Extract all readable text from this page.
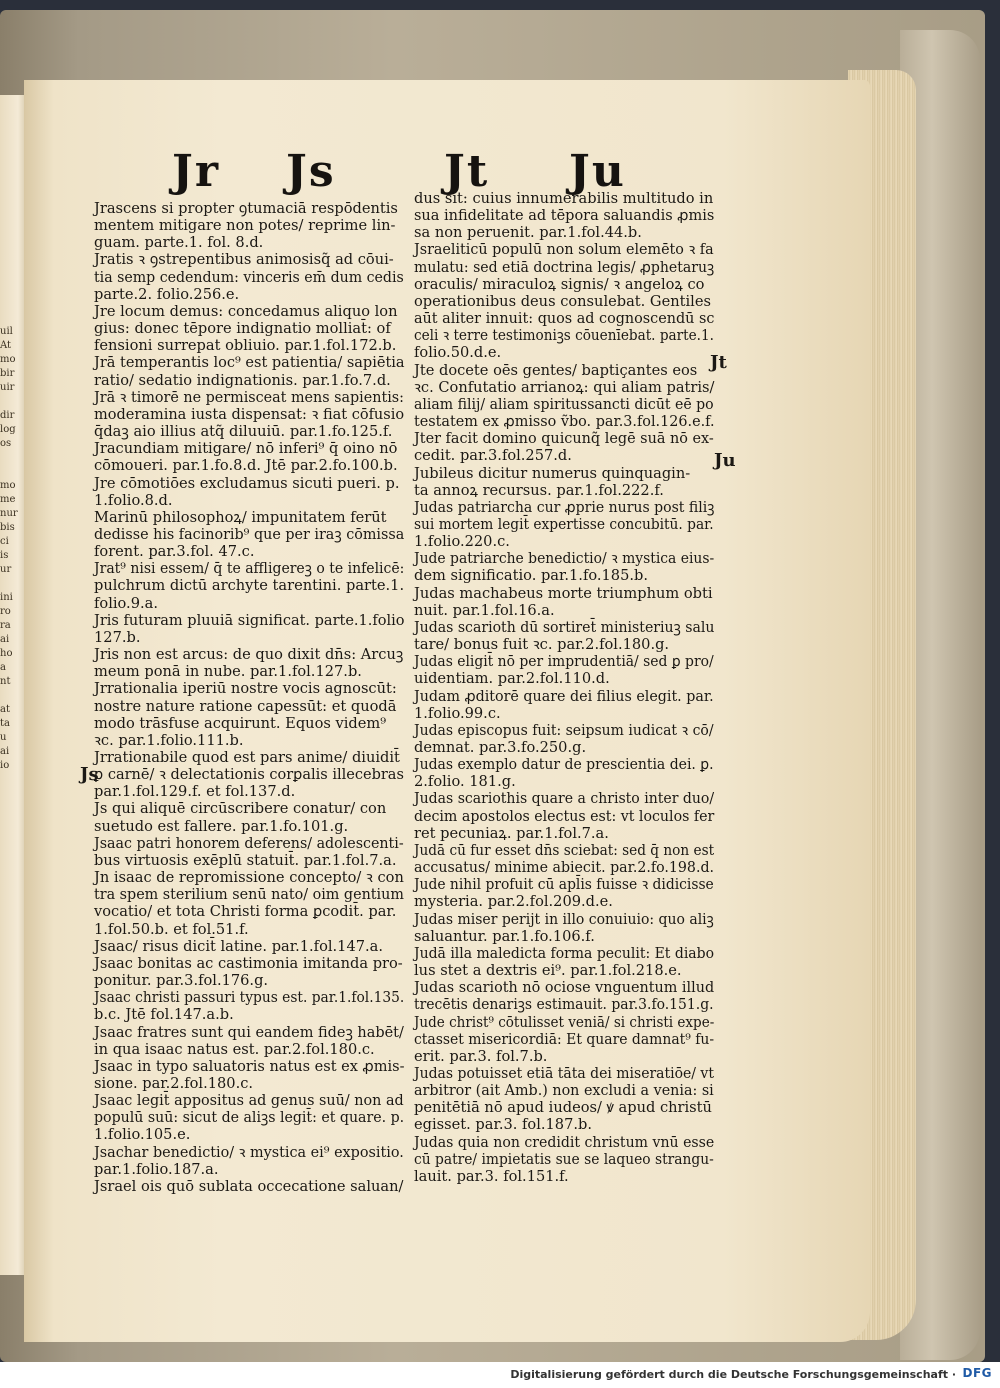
uil
At
mo
bir
uir

dir
log
os

mo
me
nur
bis
ci
is
ur

ini
ro
ra
ai
ho
a
nt

at
ta
u
ai
io
Jr Js Jt Ju
Jrascens si propter ꝯtumaciā respōdentis
mentem mitigare non potes/ reprime lin-
guam. parte.1. fol. 8.d.
Jratis ꝛ ꝯstrepentibus animosisq̃ ad cōui-
tia semp cedendum: vinceris em̄ dum cedis
parte.2. folio.256.e.
Jre locum demus: concedamus aliquo lon
gius: donec tēpore indignatio molliat̄: of
fensioni surrepat obliuio. par.1.fol.172.b.
Jrā temperantis loc⁹ est patientia/ sapiētia
ratio/ sedatio indignationis. par.1.fo.7.d.
Jrā ꝛ timorē ne permisceat mens sapientis:
moderamina iusta dispensat: ꝛ fiat cōfusio
q̄daꝫ aio illius atq̃ diluuiū. par.1.fo.125.f.
Jracundiam mitigare/ nō inferi⁹ q̄ oino nō
cōmoueri. par.1.fo.8.d. Jtē par.2.fo.100.b.
Jre cōmotiōes excludamus sicuti pueri. p.
1.folio.8.d.
Marinū philosophoꝝ/ impunitatem ferūt
dedisse his facinorib⁹ que per iraꝫ cōmissa
forent. par.3.fol. 47.c.
Jrat⁹ nisi essem/ q̄ te affligereꝫ o te infelicē:
pulchrum dictū archyte tarentini. parte.1.
folio.9.a.
Jris futuram pluuiā significat. parte.1.folio
127.b.
Jris non est arcus: de quo dixit dn̄s: Arcuꝫ
meum ponā in nube. par.1.fol.127.b.
Jrrationalia iperiū nostre vocis agnoscūt:
nostre nature ratione capessūt: et quodā
modo trāsfuse acquirunt. Equos videm⁹
ꝛc. par.1.folio.111.b.
Jrrationabile quod est pars anime/ diuidit̄
ꝑ carnē/ ꝛ delectationis corꝑalis illecebras
par.1.fol.129.f. et fol.137.d.
Js qui aliquē circūscribere conatur/ con
suetudo est fallere. par.1.fo.101.g.
Jsaac patri honorem deferens/ adolescenti-
bus virtuosis exēplū statuit̄. par.1.fol.7.a.
Jn isaac de repromissione concepto/ ꝛ con
tra spem sterilium senū nato/ oim gentium
vocatio/ et tota Christi forma ꝑcodit̄. par.
1.fol.50.b. et fol.51.f.
Jsaac/ risus dicit̄ latine. par.1.fol.147.a.
Jsaac bonitas ac castimonia imitanda pro-
ponitur. par.3.fol.176.g.
Jsaac christi passuri typus est. par.1.fol.135.
b.c. Jtē fol.147.a.b.
Jsaac fratres sunt qui eandem fideꝫ habēt/
in qua isaac natus est. par.2.fol.180.c.
Jsaac in typo saluatoris natus est ex ꝓmis-
sione. par.2.fol.180.c.
Jsaac legit̄ appositus ad genus suū/ non ad
populū suū: sicut de aliꝫs legit̄: et quare. p.
1.folio.105.e.
Jsachar benedictio/ ꝛ mystica ei⁹ expositio.
par.1.folio.187.a.
Jsrael ois quō sublata occecatione saluan/
dus sit: cuius innumerabilis multitudo in
sua infidelitate ad tēpora saluandis ꝓmis
sa non peruenit. par.1.fol.44.b.
Jsraeliticū populū non solum elemēto ꝛ fa
mulatu: sed etiā doctrina legis/ ꝓphetaruꝫ
oraculis/ miraculoꝝ signis/ ꝛ angeloꝝ co
operationibus deus consulebat. Gentiles
aūt aliter innuit: quos ad cognoscendū sc
celi ꝛ terre testimoniꝫs cōuenīebat. parte.1.
folio.50.d.e.
Jte docete oēs gentes/ baptiçantes eos
ꝛc. Confutatio arrianoꝝ: qui aliam patris/
aliam filij/ aliam spiritussancti dicūt eē po
testatem ex ꝓmisso ṽbo. par.3.fol.126.e.f.
Jter facit domino quicunq̃ legē suā nō ex-
cedit. par.3.fol.257.d.
Jubileus dicitur numerus quinquagin-
ta annoꝝ recursus. par.1.fol.222.f.
Judas patriarcha cur ꝓprie nurus post filiꝫ
sui mortem legit̄ expertisse concubitū. par.
1.folio.220.c.
Jude patriarche benedictio/ ꝛ mystica eius-
dem significatio. par.1.fo.185.b.
Judas machabeus morte triumphum obti
nuit. par.1.fol.16.a.
Judas scarioth dū sortiret̄ ministeriuꝫ salu
tare/ bonus fuit ꝛc. par.2.fol.180.g.
Judas eligit̄ nō per imprudentiā/ sed ꝑ pro/
uidentiam. par.2.fol.110.d.
Judam ꝓditorē quare dei filius elegit. par.
1.folio.99.c.
Judas episcopus fuit: seipsum iudicat ꝛ cō/
demnat. par.3.fo.250.g.
Judas exemplo datur de prescientia dei. ꝑ.
2.folio. 181.g.
Judas scariothis quare a christo inter duo/
decim apostolos electus est: vt loculos fer
ret pecuniaꝝ. par.1.fol.7.a.
Judā cū fur esset dn̄s sciebat: sed q̄ non est
accusatus/ minime abiecit. par.2.fo.198.d.
Jude nihil profuit cū apl̄is fuisse ꝛ didicisse
mysteria. par.2.fol.209.d.e.
Judas miser perijt in illo conuiuio: quo aliꝫ
saluantur. par.1.fo.106.f.
Judā illa maledicta forma peculit: Et diabo
lus stet a dextris ei⁹. par.1.fol.218.e.
Judas scarioth nō ociose vnguentum illud
trecētis denariꝫs estimauit. par.3.fo.151.g.
Jude christ⁹ cōtulisset veniā/ si christi expe-
ctasset misericordiā: Et quare damnat⁹ fu-
erit. par.3. fol.7.b.
Judas potuisset etiā tāta dei miseratiōe/ vt
arbitror (ait Amb.) non excludi a venia: si
penitētiā nō apud iudeos/ ꝟ apud christū
egisset. par.3. fol.187.b.
Judas quia non credidit christum vnū esse
cū patre/ impietatis sue se laqueo strangu-
lauit. par.3. fol.151.f.
Js
Jt
Ju
Digitalisierung gefördert durch die Deutsche Forschungsgemeinschaft · DFG
